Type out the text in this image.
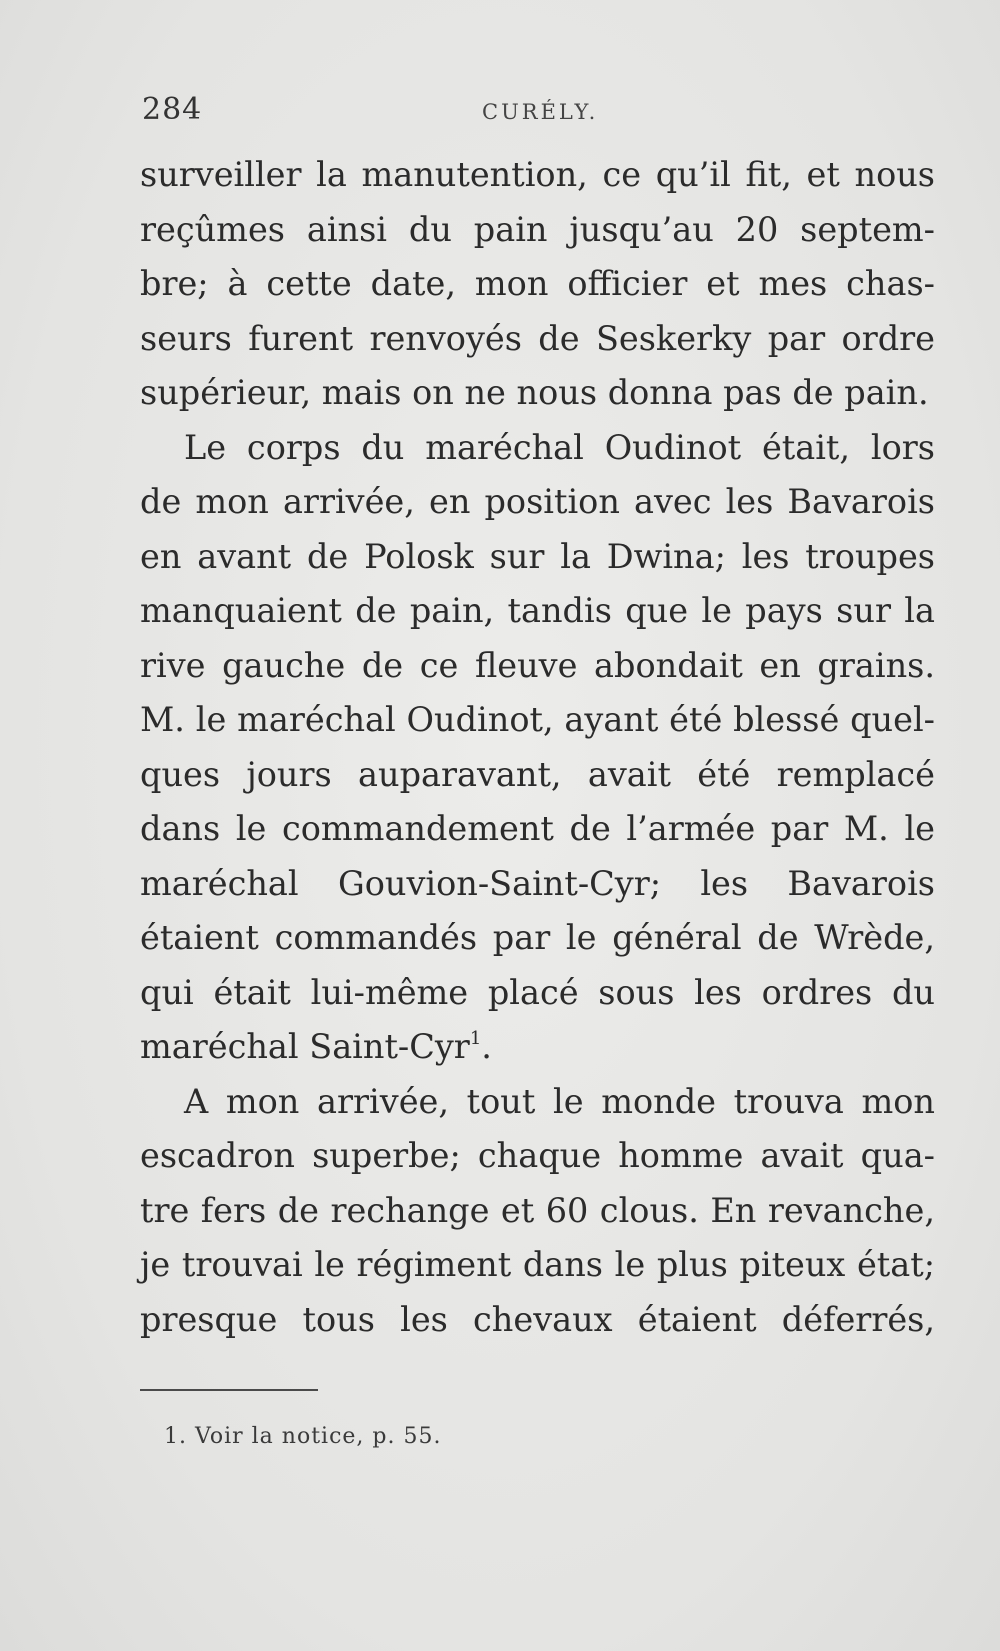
284	CURÉLY.
surveiller la manutention, ce qu’il fit, et nous
reçûmes ainsi du pain jusqu’au 20 septem-
bre; à cette date, mon officier et mes chas-
seurs furent renvoyés de Seskerky par ordre
supérieur, mais on ne nous donna pas de pain.
Le corps du maréchal Oudinot était, lors
de mon arrivée, en position avec les Bavarois
en avant de Polosk sur la Dwina; les troupes
manquaient de pain, tandis que le pays sur la
rive gauche de ce fleuve abondait en grains.
M. le maréchal Oudinot, ayant été blessé quel-
ques jours auparavant, avait été remplacé
dans le commandement de l’armée par M. le
maréchal Gouvion-Saint-Cyr; les Bavarois
étaient commandés par le général de Wrède,
qui était lui-même placé sous les ordres du
maréchal Saint-Cyr$^1$.
A mon arrivée, tout le monde trouva mon
escadron superbe; chaque homme avait qua-
tre fers de rechange et 60 clous. En revanche,
je trouvai le régiment dans le plus piteux état;
presque tous les chevaux étaient déferrés,
1. Voir la notice, p. 55.
